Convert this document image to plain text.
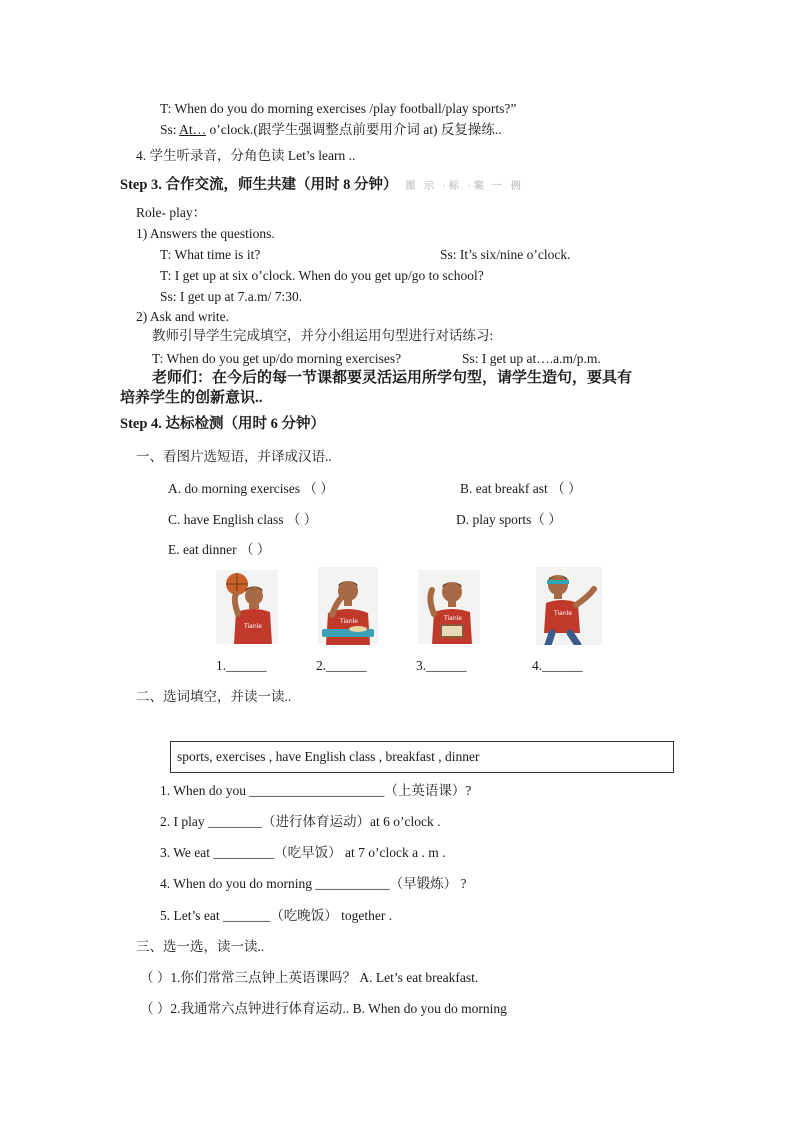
T: When do you do morning exercises /play football/play sports?”
Ss: At… o’clock.(跟学生强调整点前要用介词 at) 反复操练..
4. 学生听录音，分角色读 Let’s learn ..
Step 3. 合作交流，师生共建（用时 8 分钟） 图 示 ·标 ·案 一 例
Role- play：
1) Answers the questions.
T: What time is it?	Ss: It’s six/nine o’clock.
T: I get up at six o’clock. When do you get up/go to school?
Ss: I get up at 7.a.m/ 7:30.
2) Ask and write.
教师引导学生完成填空，并分小组运用句型进行对话练习:
T: When do you get up/do morning exercises?	Ss: I get up at….a.m/p.m.
老师们：在今后的每一节课都要灵活运用所学句型，请学生造句，要具有
培养学生的创新意识..
Step 4. 达标检测（用时 6 分钟）
一、看图片选短语，并译成汉语..
A. do morning exercises （ ）	B. eat breakf ast （ ）
C. have English class （ ）	D. play sports（ ）
E. eat dinner （ ）
Tianle
Tianle	Tianle
Tianle
1.______	2.______	3.______	4.______
二、选词填空，并读一读..
sports, exercises , have English class , breakfast , dinner
1. When do you ____________________（上英语课）?
2. I play ________（进行体育运动）at 6 o’clock .
3. We eat _________（吃早饭） at 7 o’clock a . m .
4. When do you do morning ___________（早锻炼） ?
5. Let’s eat _______（吃晚饭） together .
三、选一选，读一读..
（ ）1.你们常常三点钟上英语课吗？ A. Let’s eat breakfast.
（ ）2.我通常六点钟进行体育运动.. B. When do you do morning
